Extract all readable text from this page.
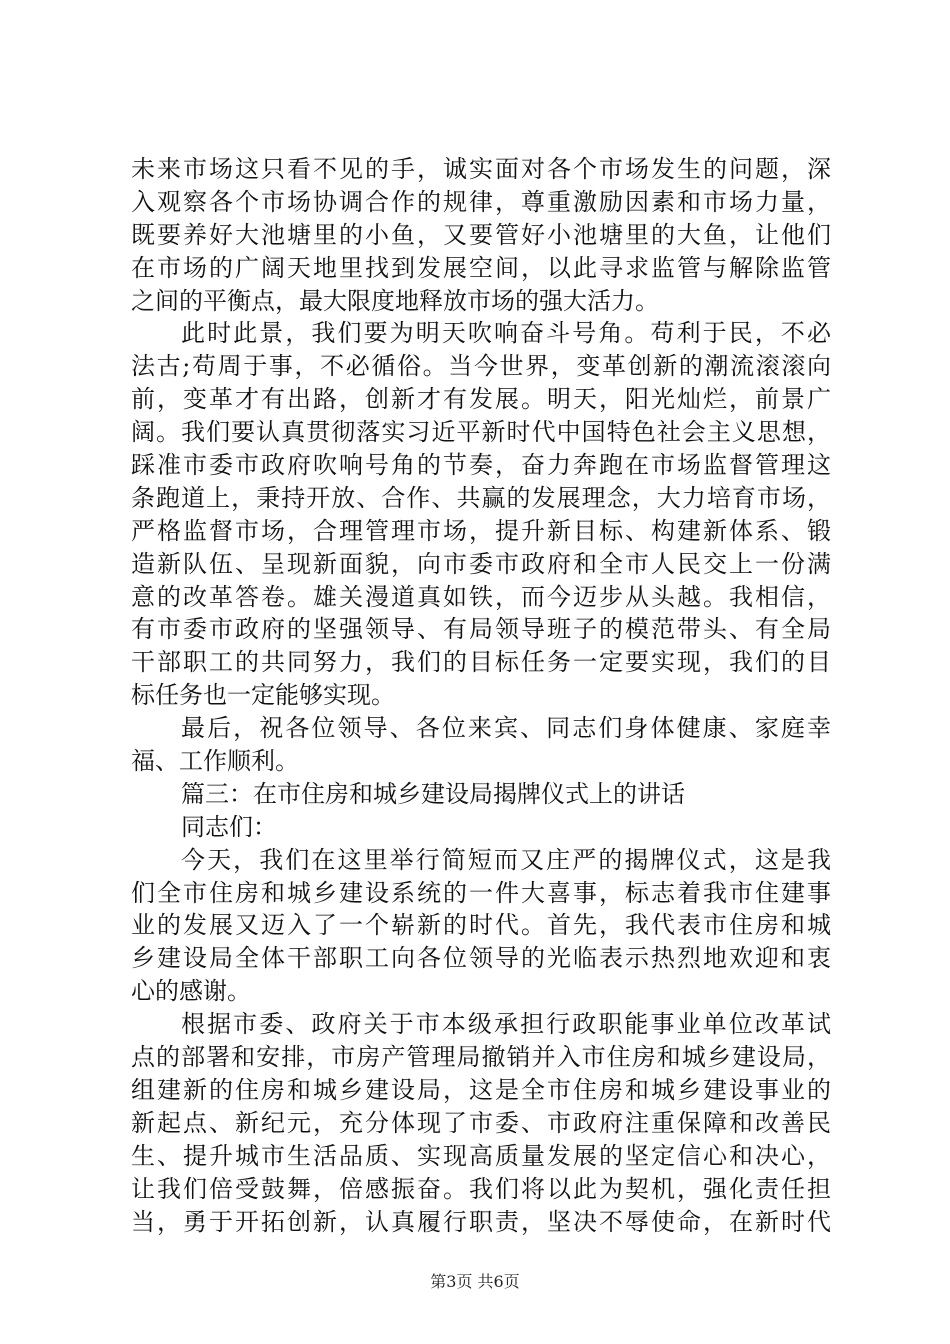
未来市场这只看不见的手，诚实面对各个市场发生的问题，深
入观察各个市场协调合作的规律，尊重激励因素和市场力量，
既要养好大池塘里的小鱼，又要管好小池塘里的大鱼，让他们
在市场的广阔天地里找到发展空间，以此寻求监管与解除监管
之间的平衡点，最大限度地释放市场的强大活力。
此时此景，我们要为明天吹响奋斗号角。苟利于民，不必
法古;苟周于事，不必循俗。当今世界，变革创新的潮流滚滚向
前，变革才有出路，创新才有发展。明天，阳光灿烂，前景广
阔。我们要认真贯彻落实习近平新时代中国特色社会主义思想，
踩准市委市政府吹响号角的节奏，奋力奔跑在市场监督管理这
条跑道上，秉持开放、合作、共赢的发展理念，大力培育市场，
严格监督市场，合理管理市场，提升新目标、构建新体系、锻
造新队伍、呈现新面貌，向市委市政府和全市人民交上一份满
意的改革答卷。雄关漫道真如铁，而今迈步从头越。我相信，
有市委市政府的坚强领导、有局领导班子的模范带头、有全局
干部职工的共同努力，我们的目标任务一定要实现，我们的目
标任务也一定能够实现。
最后，祝各位领导、各位来宾、同志们身体健康、家庭幸
福、工作顺利。
篇三：在市住房和城乡建设局揭牌仪式上的讲话
同志们：
今天，我们在这里举行简短而又庄严的揭牌仪式，这是我
们全市住房和城乡建设系统的一件大喜事，标志着我市住建事
业的发展又迈入了一个崭新的时代。首先，我代表市住房和城
乡建设局全体干部职工向各位领导的光临表示热烈地欢迎和衷
心的感谢。
根据市委、政府关于市本级承担行政职能事业单位改革试
点的部署和安排，市房产管理局撤销并入市住房和城乡建设局，
组建新的住房和城乡建设局，这是全市住房和城乡建设事业的
新起点、新纪元，充分体现了市委、市政府注重保障和改善民
生、提升城市生活品质、实现高质量发展的坚定信心和决心，
让我们倍受鼓舞，倍感振奋。我们将以此为契机，强化责任担
当，勇于开拓创新，认真履行职责，坚决不辱使命，在新时代
第3页 共6页
